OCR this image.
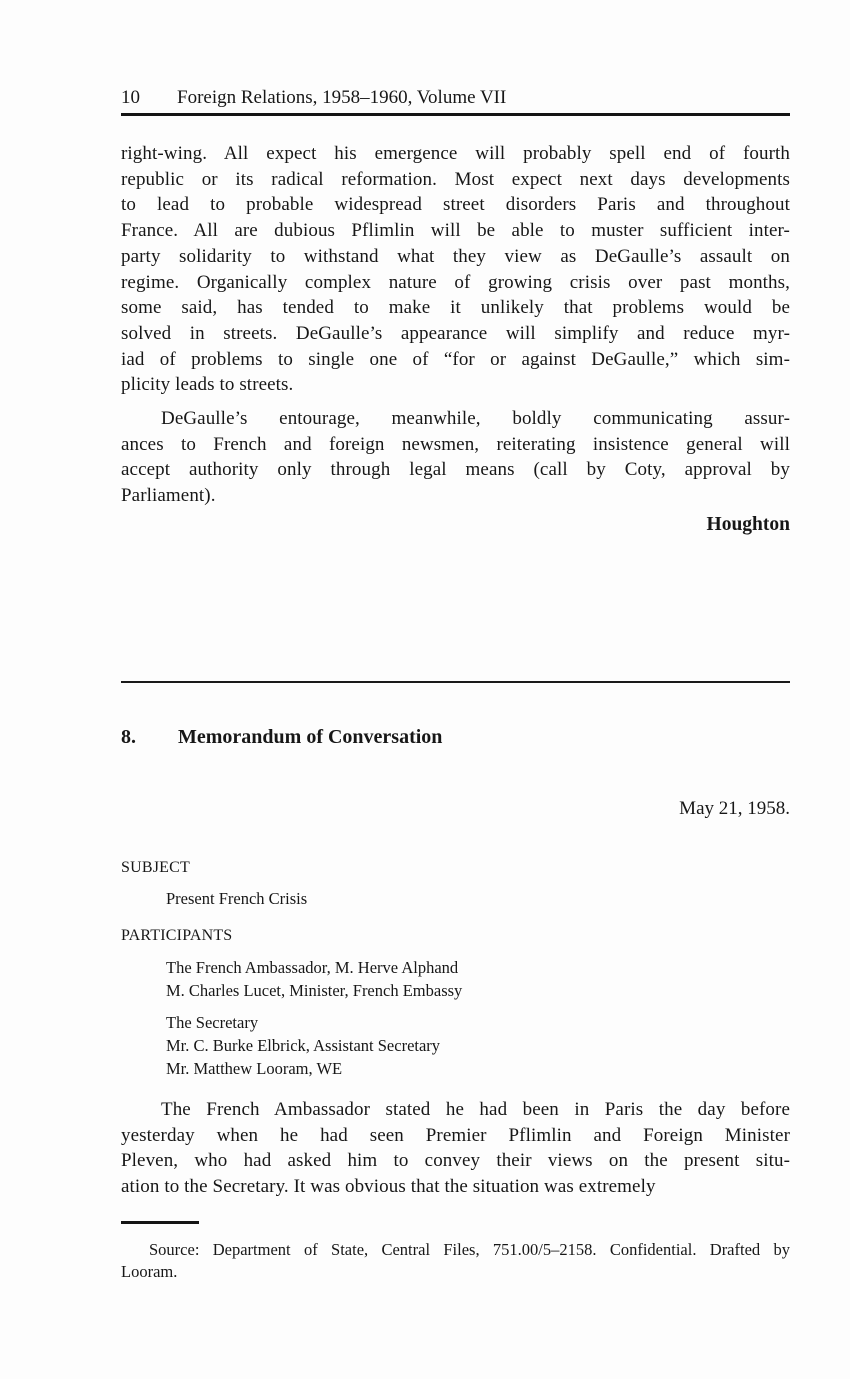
10	Foreign Relations, 1958–1960, Volume VII
right-wing. All expect his emergence will probably spell end of fourth
republic or its radical reformation. Most expect next days developments
to lead to probable widespread street disorders Paris and throughout
France. All are dubious Pflimlin will be able to muster sufficient inter-
party solidarity to withstand what they view as DeGaulle’s assault on
regime. Organically complex nature of growing crisis over past months,
some said, has tended to make it unlikely that problems would be
solved in streets. DeGaulle’s appearance will simplify and reduce myr-
iad of problems to single one of “for or against DeGaulle,” which sim-
plicity leads to streets.
DeGaulle’s entourage, meanwhile, boldly communicating assur-
ances to French and foreign newsmen, reiterating insistence general will
accept authority only through legal means (call by Coty, approval by
Parliament).
Houghton
8.	Memorandum of Conversation
May 21, 1958.
SUBJECT
Present French Crisis
PARTICIPANTS
The French Ambassador, M. Herve Alphand
M. Charles Lucet, Minister, French Embassy
The Secretary
Mr. C. Burke Elbrick, Assistant Secretary
Mr. Matthew Looram, WE
The French Ambassador stated he had been in Paris the day before
yesterday when he had seen Premier Pflimlin and Foreign Minister
Pleven, who had asked him to convey their views on the present situ-
ation to the Secretary. It was obvious that the situation was extremely
Source: Department of State, Central Files, 751.00/5–2158. Confidential. Drafted by
Looram.
